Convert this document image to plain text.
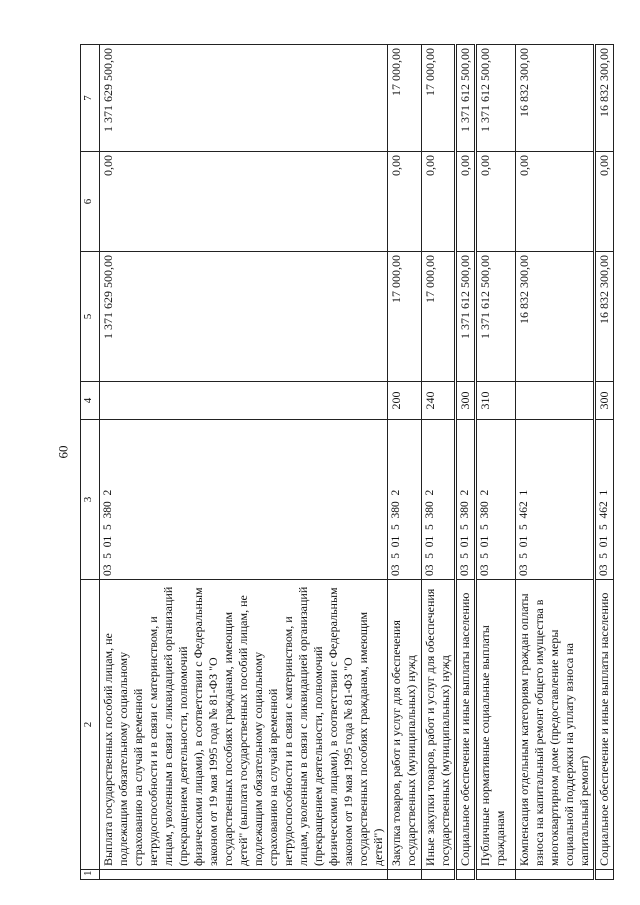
60
1	2	3	4	5	6	7
	Выплата государственных пособий лицам, не подлежащим обязательному социальному страхованию на случай временной нетрудоспособности и в связи с материнством, и лицам, уволенным в связи с ликвидацией организаций (прекращением деятельности, полномочий физическими лицами), в соответствии с Федеральным законом от 19 мая 1995 года № 81-ФЗ "О государственных пособиях гражданам, имеющим детей" (выплата государственных пособий лицам, не подлежащим обязательному социальному страхованию на случай временной нетрудоспособности и в связи с материнством, и лицам, уволенным в связи с ликвидацией организаций (прекращением деятельности, полномочий физическими лицами), в соответствии с Федеральным законом от 19 мая 1995 года № 81-ФЗ "О государственных пособиях гражданам, имеющим детей")	03  5  01  5  380  2		1 371 629 500,00	0,00	1 371 629 500,00
	Закупка товаров, работ и услуг для обеспечения государственных (муниципальных) нужд	03  5  01  5  380  2	200	17 000,00	0,00	17 000,00
	Иные закупки товаров, работ и услуг для обеспечения государственных (муниципальных) нужд	03  5  01  5  380  2	240	17 000,00	0,00	17 000,00
	Социальное обеспечение и иные выплаты населению	03  5  01  5  380  2	300	1 371 612 500,00	0,00	1 371 612 500,00
	Публичные нормативные социальные выплаты гражданам	03  5  01  5  380  2	310	1 371 612 500,00	0,00	1 371 612 500,00
	Компенсация отдельным категориям граждан оплаты взноса на капитальный ремонт общего имущества в многоквартирном доме (предоставление меры социальной поддержки на уплату взноса на капитальный ремонт)	03  5  01  5  462  1		16 832 300,00	0,00	16 832 300,00
	Социальное обеспечение и иные выплаты населению	03  5  01  5  462  1	300	16 832 300,00	0,00	16 832 300,00
